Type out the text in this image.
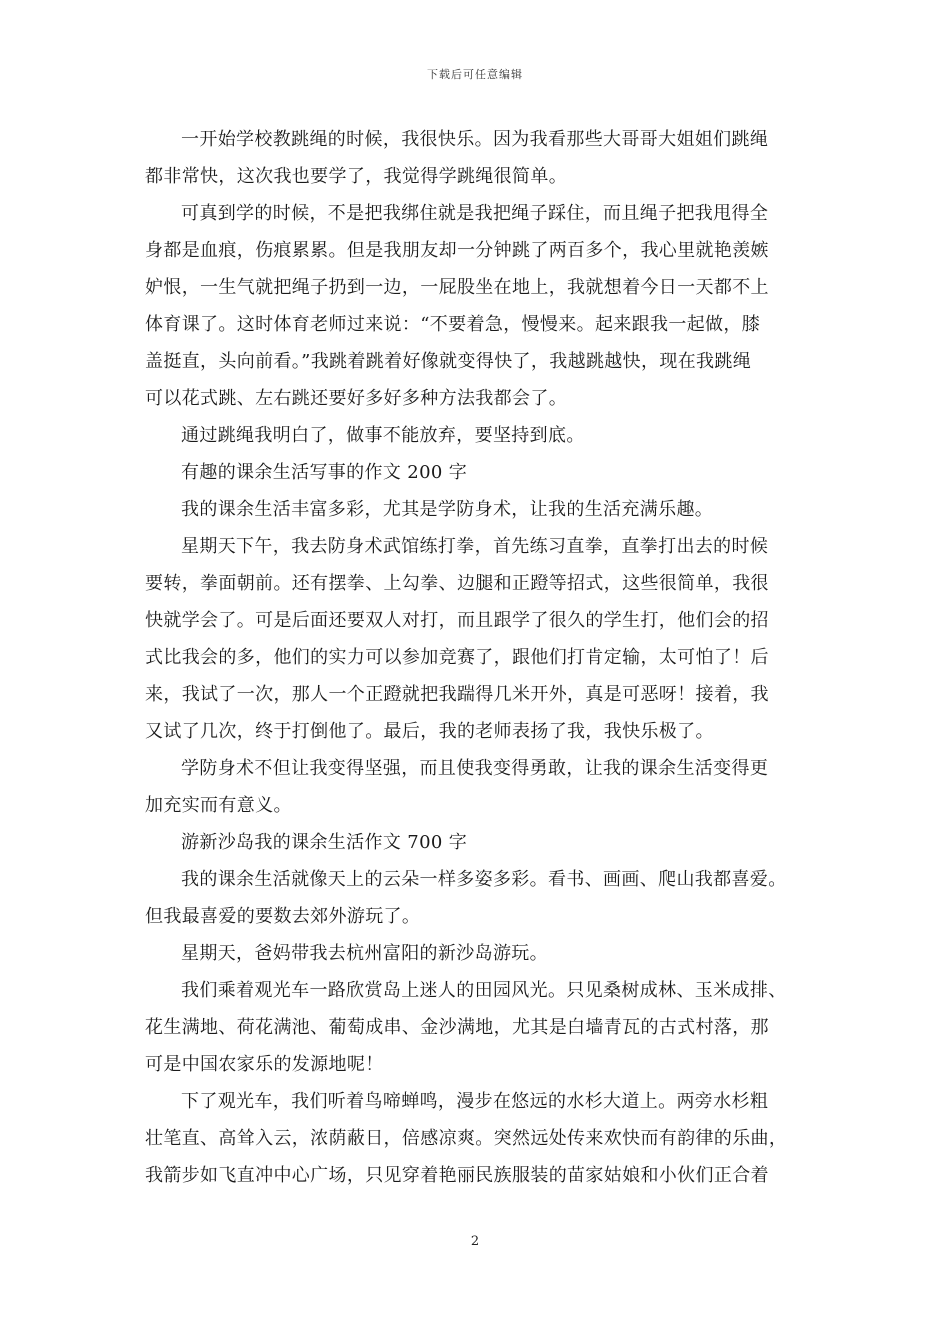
下载后可任意编辑
一开始学校教跳绳的时候，我很快乐。因为我看那些大哥哥大姐姐们跳绳
都非常快，这次我也要学了，我觉得学跳绳很简单。
可真到学的时候，不是把我绑住就是我把绳子踩住，而且绳子把我甩得全
身都是血痕，伤痕累累。但是我朋友却一分钟跳了两百多个，我心里就艳羡嫉
妒恨，一生气就把绳子扔到一边，一屁股坐在地上，我就想着今日一天都不上
体育课了。这时体育老师过来说：“不要着急，慢慢来。起来跟我一起做，膝
盖挺直，头向前看。”我跳着跳着好像就变得快了，我越跳越快，现在我跳绳
可以花式跳、左右跳还要好多好多种方法我都会了。
通过跳绳我明白了，做事不能放弃，要坚持到底。
有趣的课余生活写事的作文 200 字
我的课余生活丰富多彩，尤其是学防身术，让我的生活充满乐趣。
星期天下午，我去防身术武馆练打拳，首先练习直拳，直拳打出去的时候
要转，拳面朝前。还有摆拳、上勾拳、边腿和正蹬等招式，这些很简单，我很
快就学会了。可是后面还要双人对打，而且跟学了很久的学生打，他们会的招
式比我会的多，他们的实力可以参加竞赛了，跟他们打肯定输，太可怕了！后
来，我试了一次，那人一个正蹬就把我踹得几米开外，真是可恶呀！接着，我
又试了几次，终于打倒他了。最后，我的老师表扬了我，我快乐极了。
学防身术不但让我变得坚强，而且使我变得勇敢，让我的课余生活变得更
加充实而有意义。
游新沙岛我的课余生活作文 700 字
我的课余生活就像天上的云朵一样多姿多彩。看书、画画、爬山我都喜爱。
但我最喜爱的要数去郊外游玩了。
星期天，爸妈带我去杭州富阳的新沙岛游玩。
我们乘着观光车一路欣赏岛上迷人的田园风光。只见桑树成林、玉米成排、
花生满地、荷花满池、葡萄成串、金沙满地，尤其是白墙青瓦的古式村落，那
可是中国农家乐的发源地呢！
下了观光车，我们听着鸟啼蝉鸣，漫步在悠远的水杉大道上。两旁水杉粗
壮笔直、高耸入云，浓荫蔽日，倍感凉爽。突然远处传来欢快而有韵律的乐曲，
我箭步如飞直冲中心广场，只见穿着艳丽民族服装的苗家姑娘和小伙们正合着
2
